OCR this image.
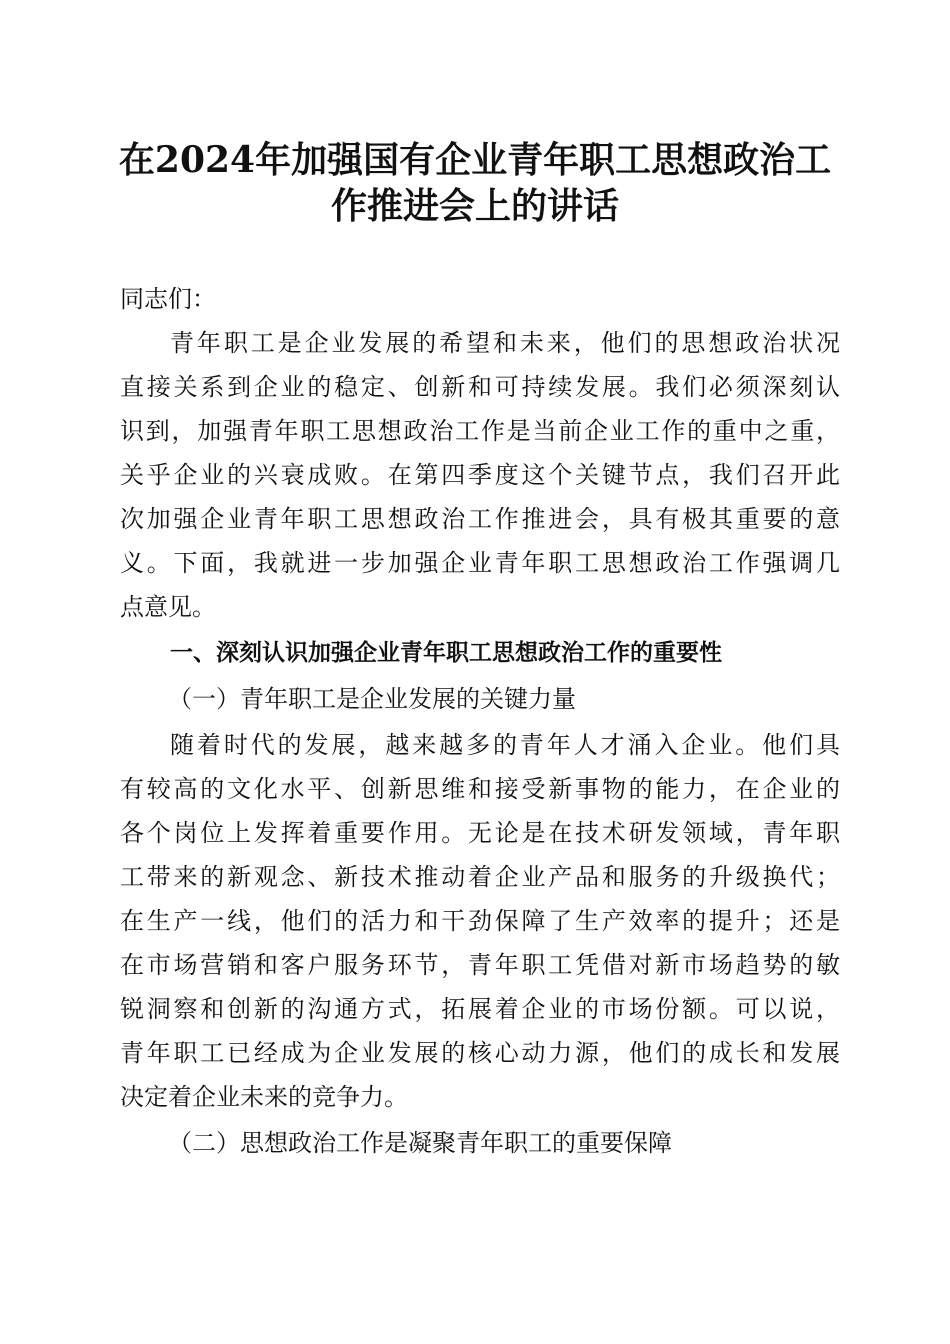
在2024年加强国有企业青年职工思想政治工
作推进会上的讲话

同志们：

青年职工是企业发展的希望和未来，他们的思想政治状况

直接关系到企业的稳定、创新和可持续发展。我们必须深刻认

识到，加强青年职工思想政治工作是当前企业工作的重中之重，

关乎企业的兴衰成败。在第四季度这个关键节点，我们召开此

次加强企业青年职工思想政治工作推进会，具有极其重要的意

义。下面，我就进一步加强企业青年职工思想政治工作强调几

点意见。

一、深刻认识加强企业青年职工思想政治工作的重要性

（一）青年职工是企业发展的关键力量

随着时代的发展，越来越多的青年人才涌入企业。他们具

有较高的文化水平、创新思维和接受新事物的能力，在企业的

各个岗位上发挥着重要作用。无论是在技术研发领域，青年职

工带来的新观念、新技术推动着企业产品和服务的升级换代；

在生产一线，他们的活力和干劲保障了生产效率的提升；还是

在市场营销和客户服务环节，青年职工凭借对新市场趋势的敏

锐洞察和创新的沟通方式，拓展着企业的市场份额。可以说，

青年职工已经成为企业发展的核心动力源，他们的成长和发展

决定着企业未来的竞争力。

（二）思想政治工作是凝聚青年职工的重要保障
